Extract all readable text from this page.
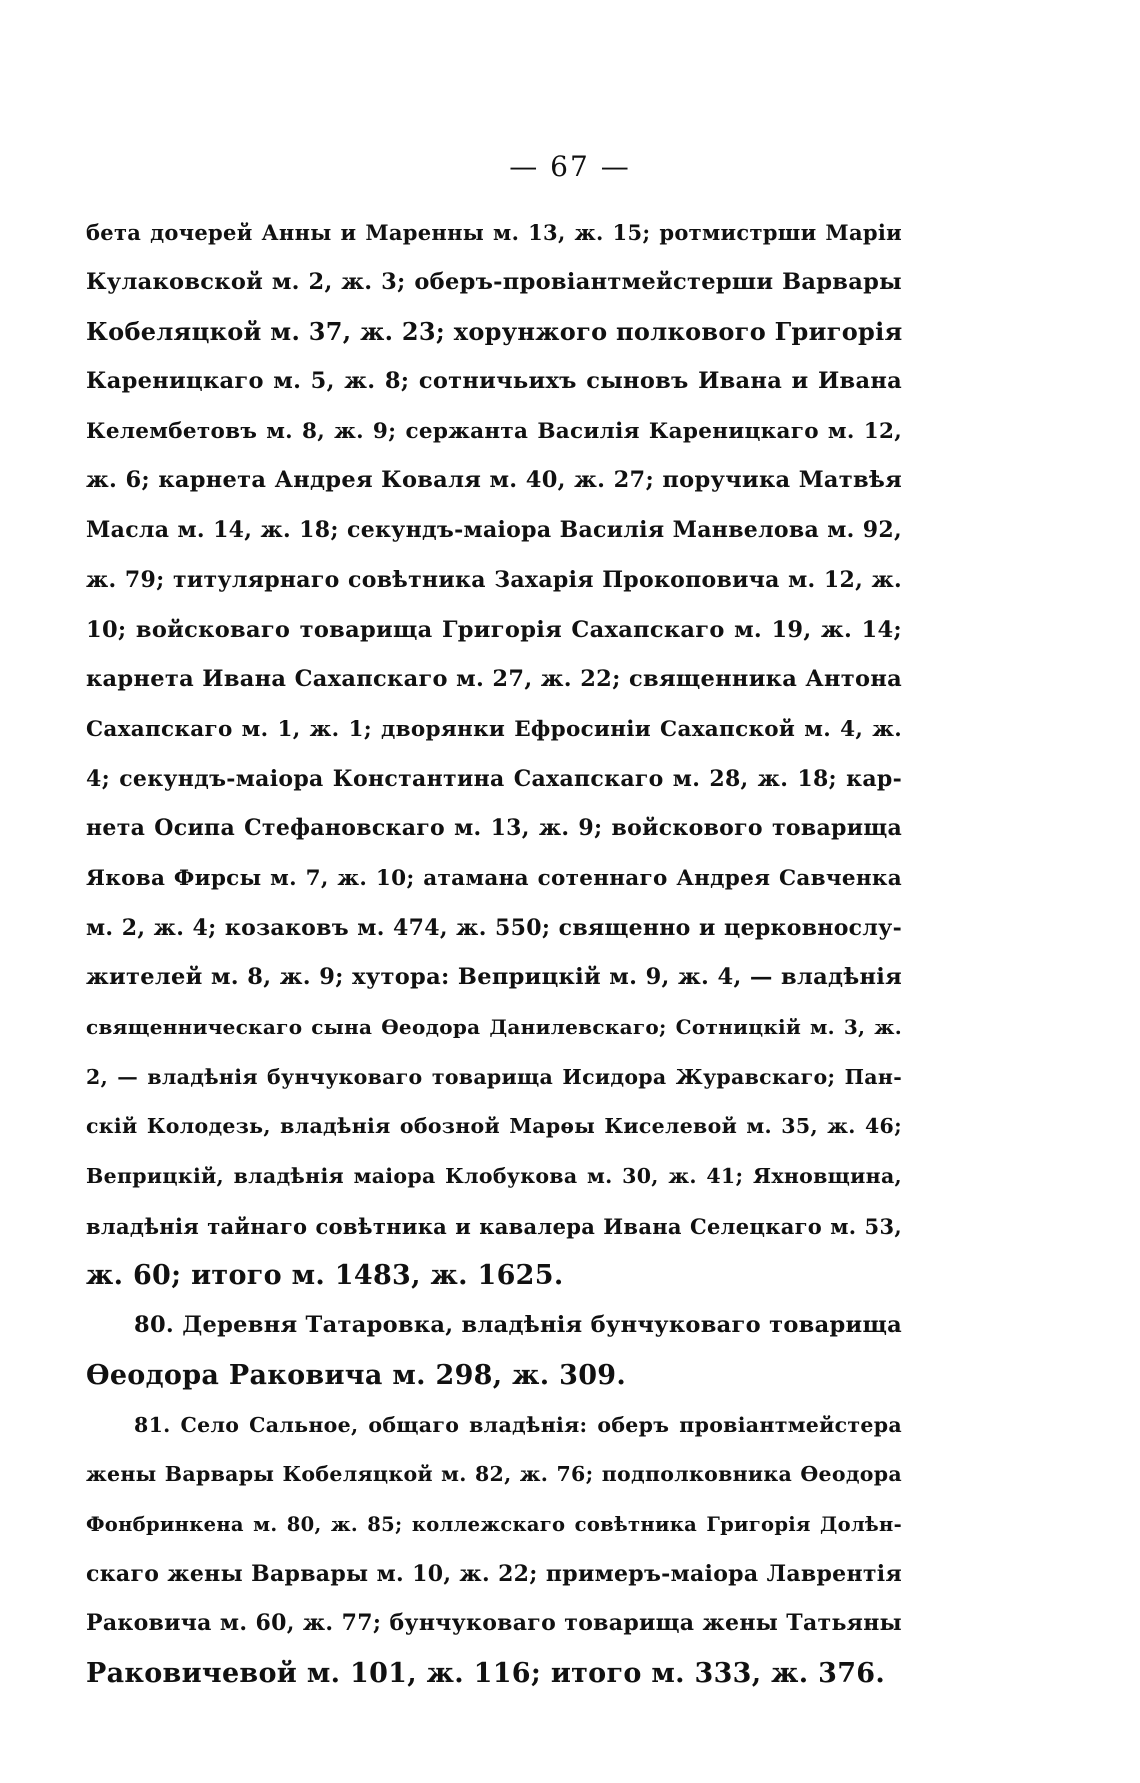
— 67 —
бета дочерей Анны и Маренны м. 13, ж. 15; ротмистрши Маріи
Кулаковской м. 2, ж. 3; оберъ-провіантмейстерши Варвары
Кобеляцкой м. 37, ж. 23; хорунжого полкового Григорія
Кареницкаго м. 5, ж. 8; сотничьихъ сыновъ Ивана и Ивана
Келембетовъ м. 8, ж. 9; сержанта Василія Кареницкаго м. 12,
ж. 6; карнета Андрея Коваля м. 40, ж. 27; поручика Матвѣя
Масла м. 14, ж. 18; секундъ-маіора Василія Манвелова м. 92,
ж. 79; титулярнаго совѣтника Захарія Прокоповича м. 12, ж.
10; войсковаго товарища Григорія Сахапскаго м. 19, ж. 14;
карнета Ивана Сахапскаго м. 27, ж. 22; священника Антона
Сахапскаго м. 1, ж. 1; дворянки Ефросиніи Сахапской м. 4, ж.
4; секундъ-маіора Константина Сахапскаго м. 28, ж. 18; кар-
нета Осипа Стефановскаго м. 13, ж. 9; войскового товарища
Якова Фирсы м. 7, ж. 10; атамана сотеннаго Андрея Савченка
м. 2, ж. 4; козаковъ м. 474, ж. 550; священно и церковнослу-
жителей м. 8, ж. 9; хутора: Веприцкій м. 9, ж. 4, — владѣнія
священническаго сына Ѳеодора Данилевскаго; Сотницкій м. 3, ж.
2, — владѣнія бунчуковаго товарища Исидора Журавскаго; Пан-
скій Колодезь, владѣнія обозной Марѳы Киселевой м. 35, ж. 46;
Веприцкій, владѣнія маіора Клобукова м. 30, ж. 41; Яхновщина,
владѣнія тайнаго совѣтника и кавалера Ивана Селецкаго м. 53,
ж. 60; итого м. 1483, ж. 1625.
80. Деревня Татаровка, владѣнія бунчуковаго товарища
Ѳеодора Раковича м. 298, ж. 309.
81. Село Сальное, общаго владѣнія: оберъ провіантмейстера
жены Варвары Кобеляцкой м. 82, ж. 76; подполковника Ѳеодора
Фонбринкена м. 80, ж. 85; коллежскаго совѣтника Григорія Долѣн-
скаго жены Варвары м. 10, ж. 22; примеръ-маіора Лаврентія
Раковича м. 60, ж. 77; бунчуковаго товарища жены Татьяны
Раковичевой м. 101, ж. 116; итого м. 333, ж. 376.
